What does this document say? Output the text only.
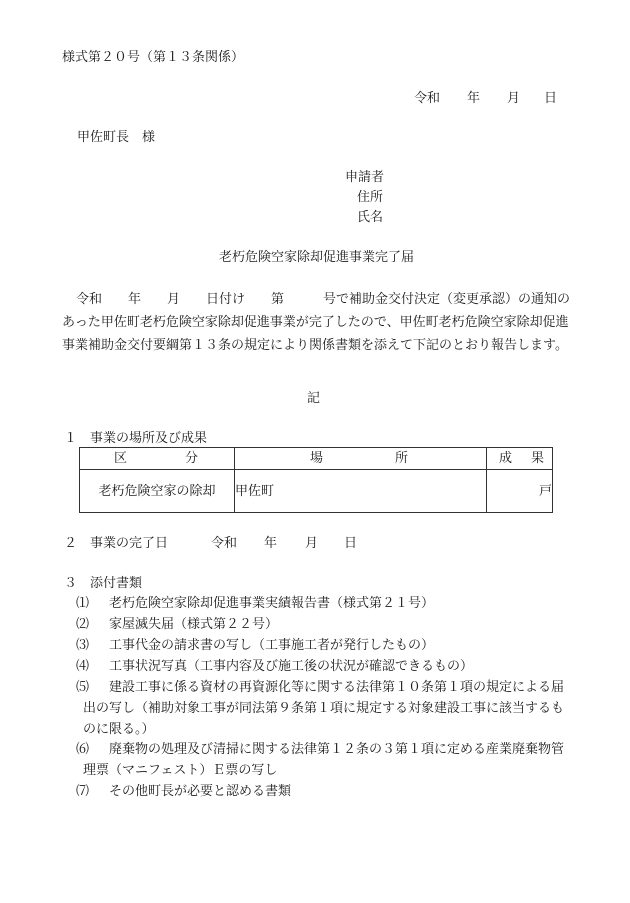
様式第２０号（第１３条関係）
令和 年 月 日
甲佐町長　様
申請者
住所
氏名
老朽危険空家除却促進事業完了届
令和　　年　　月　　日付け　　第　　　号で補助金交付決定（変更承認）の通知のあった甲佐町老朽危険空家除却促進事業が完了したので、甲佐町老朽危険空家除却促進事業補助金交付要綱第１３条の規定により関係書類を添えて下記のとおり報告します。
記
１　事業の場所及び成果
区 分	場 所	成 果

老朽危険空家の除却	甲佐町	戸
２　事業の完了日	令和 年 月 日
３　添付書類
⑴	老朽危険空家除却促進事業実績報告書（様式第２１号）
⑵	家屋滅失届（様式第２２号）
⑶	工事代金の請求書の写し（工事施工者が発行したもの）
⑷	工事状況写真（工事内容及び施工後の状況が確認できるもの）
⑸	建設工事に係る資材の再資源化等に関する法律第１０条第１項の規定による届出の写し（補助対象工事が同法第９条第１項に規定する対象建設工事に該当するものに限る。）
⑹	廃棄物の処理及び清掃に関する法律第１２条の３第１項に定める産業廃棄物管理票（マニフェスト）Ｅ票の写し
⑺	その他町長が必要と認める書類
